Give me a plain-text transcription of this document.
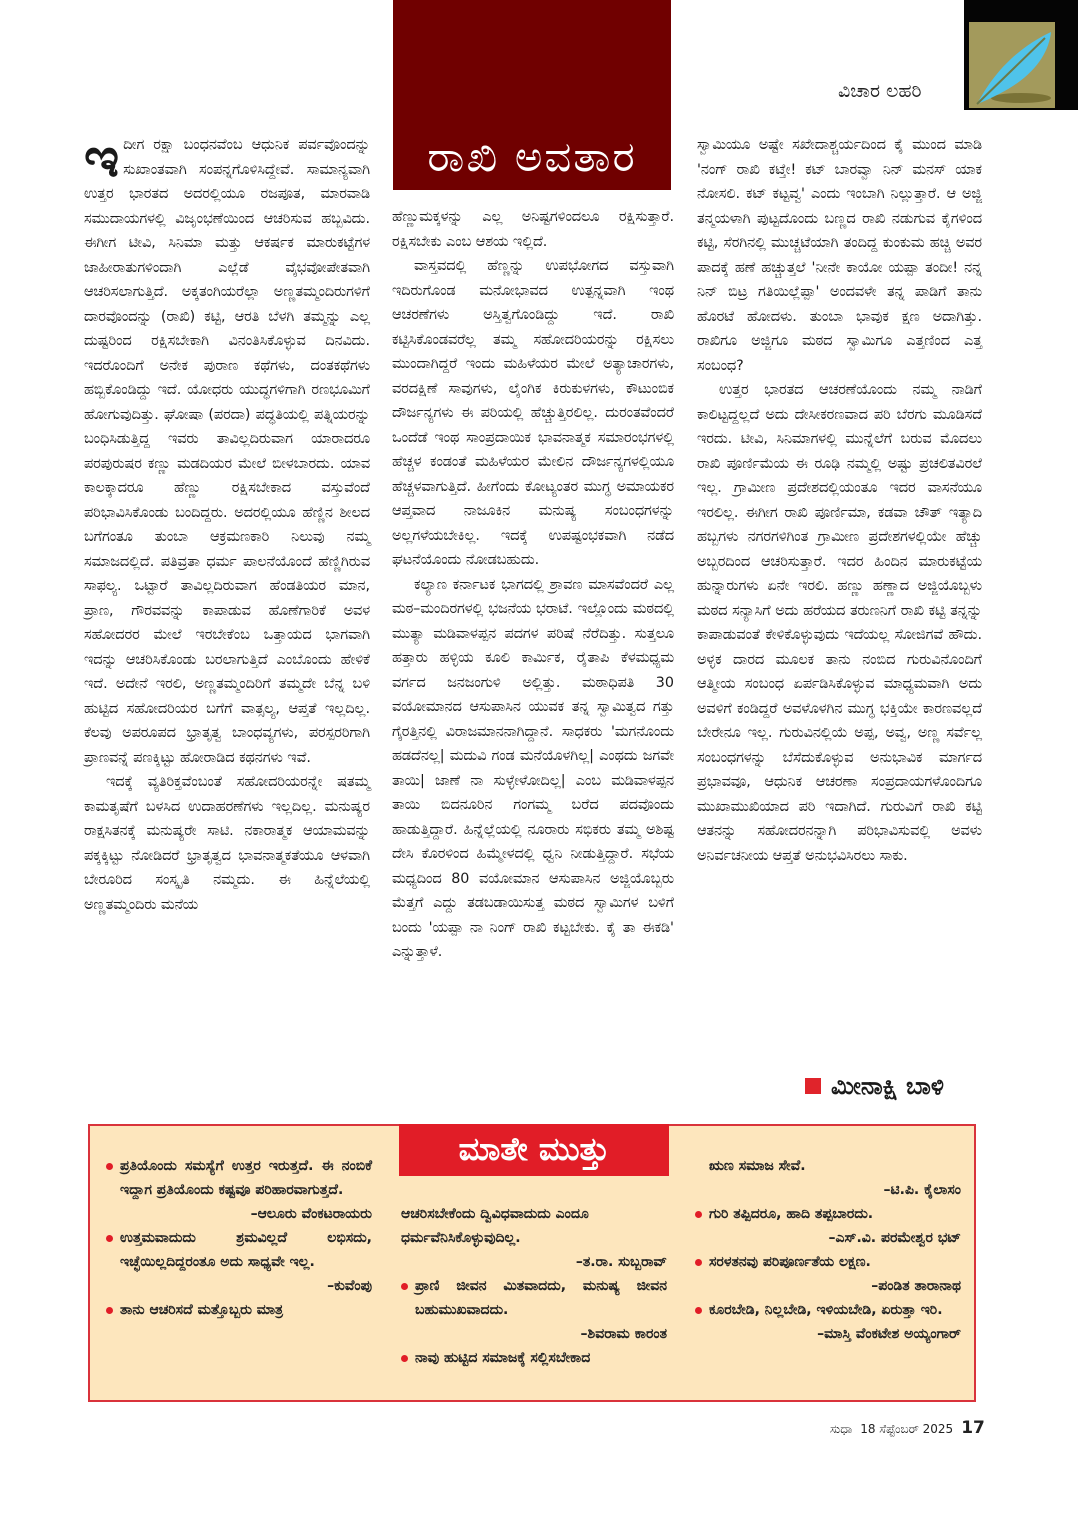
ವಿಚಾರ ಲಹರಿ
ರಾಖಿ ಅವತಾರ

ಇದೀಗ ರಕ್ಷಾ ಬಂಧನವೆಂಬ ಆಧುನಿಕ ಪರ್ವವೊಂದನ್ನು ಸುಖಾಂತವಾಗಿ ಸಂಪನ್ನಗೊಳಿಸಿದ್ದೇವೆ. ಸಾಮಾನ್ಯವಾಗಿ ಉತ್ತರ ಭಾರತದ ಅದರಲ್ಲಿಯೂ ರಜಪೂತ, ಮಾರವಾಡಿ ಸಮುದಾಯಗಳಲ್ಲಿ ವಿಜೃಂಭಣೆಯಿಂದ ಆಚರಿಸುವ ಹಬ್ಬವಿದು. ಈಗೀಗ ಟೀವಿ, ಸಿನಿಮಾ ಮತ್ತು ಆಕರ್ಷಕ ಮಾರುಕಟ್ಟೆಗಳ ಜಾಹೀರಾತುಗಳಿಂದಾಗಿ ಎಲ್ಲೆಡೆ ವೈಭವೋಪೇತವಾಗಿ ಆಚರಿಸಲಾಗುತ್ತಿದೆ. ಅಕ್ಕತಂಗಿಯರೆಲ್ಲಾ ಅಣ್ಣತಮ್ಮಂದಿರುಗಳಿಗೆ ದಾರವೊಂದನ್ನು (ರಾಖಿ) ಕಟ್ಟಿ, ಆರತಿ ಬೆಳಗಿ ತಮ್ಮನ್ನು ಎಲ್ಲ ದುಷ್ಟರಿಂದ ರಕ್ಷಿಸಬೇಕಾಗಿ ವಿನಂತಿಸಿಕೊಳ್ಳುವ ದಿನವಿದು. ಇದರೊಂದಿಗೆ ಅನೇಕ ಪುರಾಣ ಕಥೆಗಳು, ದಂತಕಥೆಗಳು ಹಬ್ಬಿಕೊಂಡಿದ್ದು ಇದೆ. ಯೋಧರು ಯುದ್ಧಗಳಿಗಾಗಿ ರಣಭೂಮಿಗೆ ಹೋಗುವುದಿತ್ತು. ಘೋಷಾ (ಪರದಾ) ಪದ್ಧತಿಯಲ್ಲಿ ಪತ್ನಿಯರನ್ನು ಬಂಧಿಸಿಡುತ್ತಿದ್ದ ಇವರು ತಾವಿಲ್ಲದಿರುವಾಗ ಯಾರಾದರೂ ಪರಪುರುಷರ ಕಣ್ಣು ಮಡದಿಯರ ಮೇಲೆ ಬೀಳಬಾರದು. ಯಾವ ಕಾಲಕ್ಕಾದರೂ ಹೆಣ್ಣು ರಕ್ಷಿಸಬೇಕಾದ ವಸ್ತುವೆಂದೆ ಪರಿಭಾವಿಸಿಕೊಂಡು ಬಂದಿದ್ದರು. ಅದರಲ್ಲಿಯೂ ಹೆಣ್ಣಿನ ಶೀಲದ ಬಗೆಗಂತೂ ತುಂಬಾ ಆಕ್ರಮಣಕಾರಿ ನಿಲುವು ನಮ್ಮ ಸಮಾಜದಲ್ಲಿದೆ. ಪತಿವ್ರತಾ ಧರ್ಮ ಪಾಲನೆಯೊಂದೆ ಹೆಣ್ಣಿಗಿರುವ ಸಾಫಲ್ಯ. ಒಟ್ಟಾರೆ ತಾವಿಲ್ಲದಿರುವಾಗ ಹೆಂಡತಿಯರ ಮಾನ, ಪ್ರಾಣ, ಗೌರವವನ್ನು ಕಾಪಾಡುವ ಹೊಣೆಗಾರಿಕೆ ಅವಳ ಸಹೋದರರ ಮೇಲೆ ಇರಬೇಕೆಂಬ ಒತ್ತಾಯದ ಭಾಗವಾಗಿ ಇದನ್ನು ಆಚರಿಸಿಕೊಂಡು ಬರಲಾಗುತ್ತಿದೆ ಎಂಬೊಂದು ಹೇಳಿಕೆ ಇದೆ. ಅದೇನೆ ಇರಲಿ, ಅಣ್ಣತಮ್ಮಂದಿರಿಗೆ ತಮ್ಮದೇ ಬೆನ್ನ ಬಳಿ ಹುಟ್ಟಿದ ಸಹೋದರಿಯರ ಬಗೆಗೆ ವಾತ್ಸಲ್ಯ, ಆಪ್ತತೆ ಇಲ್ಲದಿಲ್ಲ. ಕೆಲವು ಅಪರೂಪದ ಭ್ರಾತೃತ್ವ ಬಾಂಧವ್ಯಗಳು, ಪರಸ್ಪರರಿಗಾಗಿ ಪ್ರಾಣವನ್ನೆ ಪಣಕ್ಕಿಟ್ಟು ಹೋರಾಡಿದ ಕಥನಗಳು ಇವೆ.

ಇದಕ್ಕೆ ವ್ಯತಿರಿಕ್ತವೆಂಬಂತೆ ಸಹೋದರಿಯರನ್ನೇ ಷತಮ್ಮ ಕಾಮತೃಷೆಗೆ ಬಳಸಿದ ಉದಾಹರಣೆಗಳು ಇಲ್ಲದಿಲ್ಲ. ಮನುಷ್ಯರ ರಾಕ್ಷಸಿತನಕ್ಕೆ ಮನುಷ್ಯರೇ ಸಾಟಿ. ನಕಾರಾತ್ಮಕ ಆಯಾಮವನ್ನು ಪಕ್ಕಕ್ಕಿಟ್ಟು ನೋಡಿದರೆ ಭ್ರಾತೃತ್ವದ ಭಾವನಾತ್ಮಕತೆಯೂ ಆಳವಾಗಿ ಬೇರೂರಿದ ಸಂಸ್ಕೃತಿ ನಮ್ಮದು. ಈ ಹಿನ್ನೆಲೆಯಲ್ಲಿ ಅಣ್ಣತಮ್ಮಂದಿರು ಮನೆಯ

ಹೆಣ್ಣುಮಕ್ಕಳನ್ನು ಎಲ್ಲ ಅನಿಷ್ಟಗಳಿಂದಲೂ ರಕ್ಷಿಸುತ್ತಾರೆ. ರಕ್ಷಿಸಬೇಕು ಎಂಬ ಆಶಯ ಇಲ್ಲಿದೆ.

ವಾಸ್ತವದಲ್ಲಿ ಹೆಣ್ಣನ್ನು ಉಪಭೋಗದ ವಸ್ತುವಾಗಿ ಇದಿರುಗೊಂಡ ಮನೋಭಾವದ ಉತ್ಪನ್ನವಾಗಿ ಇಂಥ ಆಚರಣೆಗಳು ಅಸ್ತಿತ್ವಗೊಂಡಿದ್ದು ಇದೆ. ರಾಖಿ ಕಟ್ಟಿಸಿಕೊಂಡವರೆಲ್ಲ ತಮ್ಮ ಸಹೋದರಿಯರನ್ನು ರಕ್ಷಿಸಲು ಮುಂದಾಗಿದ್ದರೆ ಇಂದು ಮಹಿಳೆಯರ ಮೇಲೆ ಅತ್ಯಾಚಾರಗಳು, ವರದಕ್ಷಿಣೆ ಸಾವುಗಳು, ಲೈಂಗಿಕ ಕಿರುಕುಳಗಳು, ಕೌಟುಂಬಿಕ ದೌರ್ಜನ್ಯಗಳು ಈ ಪರಿಯಲ್ಲಿ ಹೆಚ್ಚುತ್ತಿರಲಿಲ್ಲ. ದುರಂತವೆಂದರೆ ಒಂದೆಡೆ ಇಂಥ ಸಾಂಪ್ರದಾಯಿಕ ಭಾವನಾತ್ಮಕ ಸಮಾರಂಭಗಳಲ್ಲಿ ಹೆಚ್ಚಳ ಕಂಡಂತೆ ಮಹಿಳೆಯರ ಮೇಲಿನ ದೌರ್ಜನ್ಯಗಳಲ್ಲಿಯೂ ಹೆಚ್ಚಳವಾಗುತ್ತಿದೆ. ಹೀಗೆಂದು ಕೋಟ್ಯಂತರ ಮುಗ್ಧ ಅಮಾಯಕರ ಆಪ್ತವಾದ ನಾಜೂಕಿನ ಮನುಷ್ಯ ಸಂಬಂಧಗಳನ್ನು ಅಲ್ಲಗಳೆಯಬೇಕಿಲ್ಲ. ಇದಕ್ಕೆ ಉಪಷ್ಟಂಭಕವಾಗಿ ನಡೆದ ಘಟನೆಯೊಂದು ನೋಡಬಹುದು.

ಕಲ್ಯಾಣ ಕರ್ನಾಟಕ ಭಾಗದಲ್ಲಿ ಶ್ರಾವಣ ಮಾಸವೆಂದರೆ ಎಲ್ಲ ಮಠ–ಮಂದಿರಗಳಲ್ಲಿ ಭಜನೆಯ ಭರಾಟೆ. ಇಲ್ಲೊಂದು ಮಠದಲ್ಲಿ ಮುತ್ಯಾ ಮಡಿವಾಳಪ್ಪನ ಪದಗಳ ಪರಿಷೆ ನೆರೆದಿತ್ತು. ಸುತ್ತಲೂ ಹತ್ತಾರು ಹಳ್ಳಿಯ ಕೂಲಿ ಕಾರ್ಮಿಕ, ರೈತಾಪಿ ಕೆಳಮಧ್ಯಮ ವರ್ಗದ ಜನಜಂಗುಳಿ ಅಲ್ಲಿತ್ತು. ಮಠಾಧಿಪತಿ 30 ವಯೋಮಾನದ ಆಸುಪಾಸಿನ ಯುವಕ ತನ್ನ ಸ್ವಾಮಿತ್ವದ ಗತ್ತು ಗೈರತ್ತಿನಲ್ಲಿ ವಿರಾಜಮಾನನಾಗಿದ್ದಾನೆ. ಸಾಧಕರು 'ಮಗನೊಂದು ಹಡದೆನಲ್ಲ| ಮದುವಿ ಗಂಡ ಮನೆಯೊಳಗಿಲ್ಲ| ಎಂಥದು ಜಗವೇ ತಾಯಿ| ಜಾಣೆ ನಾ ಸುಳ್ಳೇಳೋದಿಲ್ಲ| ಎಂಬ ಮಡಿವಾಳಪ್ಪನ ತಾಯಿ ಬಿದನೂರಿನ ಗಂಗಮ್ಮ ಬರೆದ ಪದವೊಂದು ಹಾಡುತ್ತಿದ್ದಾರೆ. ಹಿನ್ನೆಲ್ಲೆಯಲ್ಲಿ ನೂರಾರು ಸಭಿಕರು ತಮ್ಮ ಅಶಿಷ್ಟ ದೇಸಿ ಕೊರಳಿಂದ ಹಿಮ್ಮೇಳದಲ್ಲಿ ಧ್ವನಿ ನೀಡುತ್ತಿದ್ದಾರೆ. ಸಭೆಯ ಮಧ್ಯದಿಂದ 80 ವಯೋಮಾನ ಆಸುಪಾಸಿನ ಅಜ್ಜಿಯೊಬ್ಬರು ಮೆತ್ತಗೆ ಎದ್ದು ತಡಬಡಾಯಿಸುತ್ತ ಮಠದ ಸ್ವಾಮಿಗಳ ಬಳಿಗೆ ಬಂದು 'ಯಪ್ಪಾ ನಾ ನಿಂಗ್ ರಾಖಿ ಕಟ್ಟಬೇಕು. ಕೈ ತಾ ಈಕಡಿ' ಎನ್ನುತ್ತಾಳೆ.

ಸ್ವಾಮಿಯೂ ಅಷ್ಟೇ ಸಖೇದಾಶ್ಚರ್ಯದಿಂದ ಕೈ ಮುಂದ ಮಾಡಿ 'ನಂಗ್ ರಾಖಿ ಕಟ್ತೇ! ಕಟ್ ಬಾರವ್ವಾ ನಿನ್ ಮನಸ್ ಯಾಕ ನೋಸಲಿ. ಕಟ್ ಕಟ್ಟವ್ವ' ಎಂದು ಇಂಬಾಗಿ ನಿಲ್ಲುತ್ತಾರೆ. ಆ ಅಜ್ಜಿ ತನ್ಮಯಳಾಗಿ ಪುಟ್ಟದೊಂದು ಬಣ್ಣದ ರಾಖಿ ನಡುಗುವ ಕೈಗಳಿಂದ ಕಟ್ಟಿ, ಸೆರಗಿನಲ್ಲಿ ಮುಚ್ಚಟೆಯಾಗಿ ತಂದಿದ್ದ ಕುಂಕುಮ ಹಚ್ಚಿ ಅವರ ಪಾದಕ್ಕೆ ಹಣೆ ಹಚ್ಚುತ್ತಲೆ 'ನೀನೇ ಕಾಯೋ ಯಪ್ಪಾ ತಂದೀ! ನನ್ನ ನಿನ್ ಬಿಟ್ರ ಗತಿಯಿಲ್ಲೆಪ್ಪಾ' ಅಂದವಳೇ ತನ್ನ ಪಾಡಿಗೆ ತಾನು ಹೊರಟೆ ಹೋದಳು. ತುಂಬಾ ಭಾವುಕ ಕ್ಷಣ ಅದಾಗಿತ್ತು. ರಾಖಿಗೂ ಅಜ್ಜಿಗೂ ಮಠದ ಸ್ವಾಮಿಗೂ ಎತ್ತಣಿಂದ ಎತ್ತ ಸಂಬಂಧ?

ಉತ್ತರ ಭಾರತದ ಆಚರಣೆಯೊಂದು ನಮ್ಮ ನಾಡಿಗೆ ಕಾಲಿಟ್ಟದ್ದಲ್ಲದೆ ಅದು ದೇಸೀಕರಣವಾದ ಪರಿ ಬೆರಗು ಮೂಡಿಸದೆ ಇರದು. ಟೀವಿ, ಸಿನಿಮಾಗಳಲ್ಲಿ ಮುನ್ನೆಲೆಗೆ ಬರುವ ಮೊದಲು ರಾಖಿ ಪೂರ್ಣಿಮೆಯ ಈ ರೂಢಿ ನಮ್ಮಲ್ಲಿ ಅಷ್ಟು ಪ್ರಚಲಿತವಿರಲೆ ಇಲ್ಲ. ಗ್ರಾಮೀಣ ಪ್ರದೇಶದಲ್ಲಿಯಂತೂ ಇದರ ವಾಸನೆಯೂ ಇರಲಿಲ್ಲ. ಈಗೀಗ ರಾಖಿ ಪೂರ್ಣಿಮಾ, ಕಡವಾ ಚೌತ್ ಇತ್ಯಾದಿ ಹಬ್ಬಗಳು ನಗರಗಳಿಗಿಂತ ಗ್ರಾಮೀಣ ಪ್ರದೇಶಗಳಲ್ಲಿಯೇ ಹೆಚ್ಚು ಅಬ್ಬರದಿಂದ ಆಚರಿಸುತ್ತಾರೆ. ಇದರ ಹಿಂದಿನ ಮಾರುಕಟ್ಟೆಯ ಹುನ್ನಾರುಗಳು ಏನೇ ಇರಲಿ. ಹಣ್ಣು ಹಣ್ಣಾದ ಅಜ್ಜಿಯೊಬ್ಬಳು ಮಠದ ಸನ್ಯಾಸಿಗೆ ಅದು ಹರೆಯದ ತರುಣನಿಗೆ ರಾಖಿ ಕಟ್ಟಿ ತನ್ನನ್ನು ಕಾಪಾಡುವಂತೆ ಕೇಳಿಕೊಳ್ಳುವುದು ಇದೆಯಲ್ಲ ಸೋಜಿಗವೆ ಹೌದು. ಅಳ್ಳಕ ದಾರದ ಮೂಲಕ ತಾನು ನಂಬಿದ ಗುರುವಿನೊಂದಿಗೆ ಆತ್ಮೀಯ ಸಂಬಂಧ ಏರ್ಪಡಿಸಿಕೊಳ್ಳುವ ಮಾಧ್ಯಮವಾಗಿ ಅದು ಅವಳಿಗೆ ಕಂಡಿದ್ದರೆ ಅವಳೊಳಗಿನ ಮುಗ್ಧ ಭಕ್ತಿಯೇ ಕಾರಣವಲ್ಲದೆ ಬೇರೇನೂ ಇಲ್ಲ. ಗುರುವಿನಲ್ಲಿಯೆ ಅಪ್ಪ, ಅವ್ವ, ಅಣ್ಣ ಸರ್ವೆಲ್ಲ ಸಂಬಂಧಗಳನ್ನು ಬೆಸೆದುಕೊಳ್ಳುವ ಅನುಭಾವಿಕ ಮಾರ್ಗದ ಪ್ರಭಾವವೂ, ಆಧುನಿಕ ಆಚರಣಾ ಸಂಪ್ರದಾಯಗಳೊಂದಿಗೂ ಮುಖಾಮುಖಿಯಾದ ಪರಿ ಇದಾಗಿದೆ. ಗುರುವಿಗೆ ರಾಖಿ ಕಟ್ಟಿ ಆತನನ್ನು ಸಹೋದರನನ್ನಾಗಿ ಪರಿಭಾವಿಸುವಲ್ಲಿ ಅವಳು ಅನಿರ್ವಚನೀಯ ಆಪ್ತತೆ ಅನುಭವಿಸಿರಲು ಸಾಕು.

ಮೀನಾಕ್ಷಿ ಬಾಳಿ
ಮಾತೇ ಮುತ್ತು
ಪ್ರತಿಯೊಂದು ಸಮಸ್ಯೆಗೆ ಉತ್ತರ ಇರುತ್ತದೆ. ಈ ನಂಬಿಕೆ ಇದ್ದಾಗ ಪ್ರತಿಯೊಂದು ಕಷ್ಟವೂ ಪರಿಹಾರವಾಗುತ್ತದೆ.
–ಆಲೂರು ವೆಂಕಟರಾಯರು
ಉತ್ತಮವಾದುದು ಶ್ರಮವಿಲ್ಲದೆ ಲಭಿಸದು, ಇಚ್ಛೆಯಿಲ್ಲದಿದ್ದರಂತೂ ಅದು ಸಾಧ್ಯವೇ ಇಲ್ಲ.
–ಕುವೆಂಪು
ತಾನು ಆಚರಿಸದೆ ಮತ್ತೊಬ್ಬರು ಮಾತ್ರ
ಆಚರಿಸಬೇಕೆಂದು ದ್ವಿವಿಧವಾದುದು ಎಂದೂ ಧರ್ಮವೆನಿಸಿಕೊಳ್ಳುವುದಿಲ್ಲ.
–ತ.ರಾ. ಸುಬ್ಬರಾವ್
ಪ್ರಾಣಿ ಜೀವನ ಮಿತವಾದದು, ಮನುಷ್ಯ ಜೀವನ ಬಹುಮುಖವಾದದು.
–ಶಿವರಾಮ ಕಾರಂತ
ನಾವು ಹುಟ್ಟಿದ ಸಮಾಜಕ್ಕೆ ಸಲ್ಲಿಸಬೇಕಾದ
ಋಣ ಸಮಾಜ ಸೇವೆ.
–ಟಿ.ಪಿ. ಕೈಲಾಸಂ
ಗುರಿ ತಪ್ಪಿದರೂ, ಹಾದಿ ತಪ್ಪಬಾರದು.
–ಎಸ್.ವಿ. ಪರಮೇಶ್ವರ ಭಟ್
ಸರಳತನವು ಪರಿಪೂರ್ಣತೆಯ ಲಕ್ಷಣ.
–ಪಂಡಿತ ತಾರಾನಾಥ
ಕೂರಬೇಡಿ, ನಿಲ್ಲಬೇಡಿ, ಇಳಿಯಬೇಡಿ, ಏರುತ್ತಾ ಇರಿ.
–ಮಾಸ್ತಿ ವೆಂಕಟೇಶ ಅಯ್ಯಂಗಾರ್
ಸುಧಾ 18 ಸೆಪ್ಟೆಂಬರ್ 2025 17
